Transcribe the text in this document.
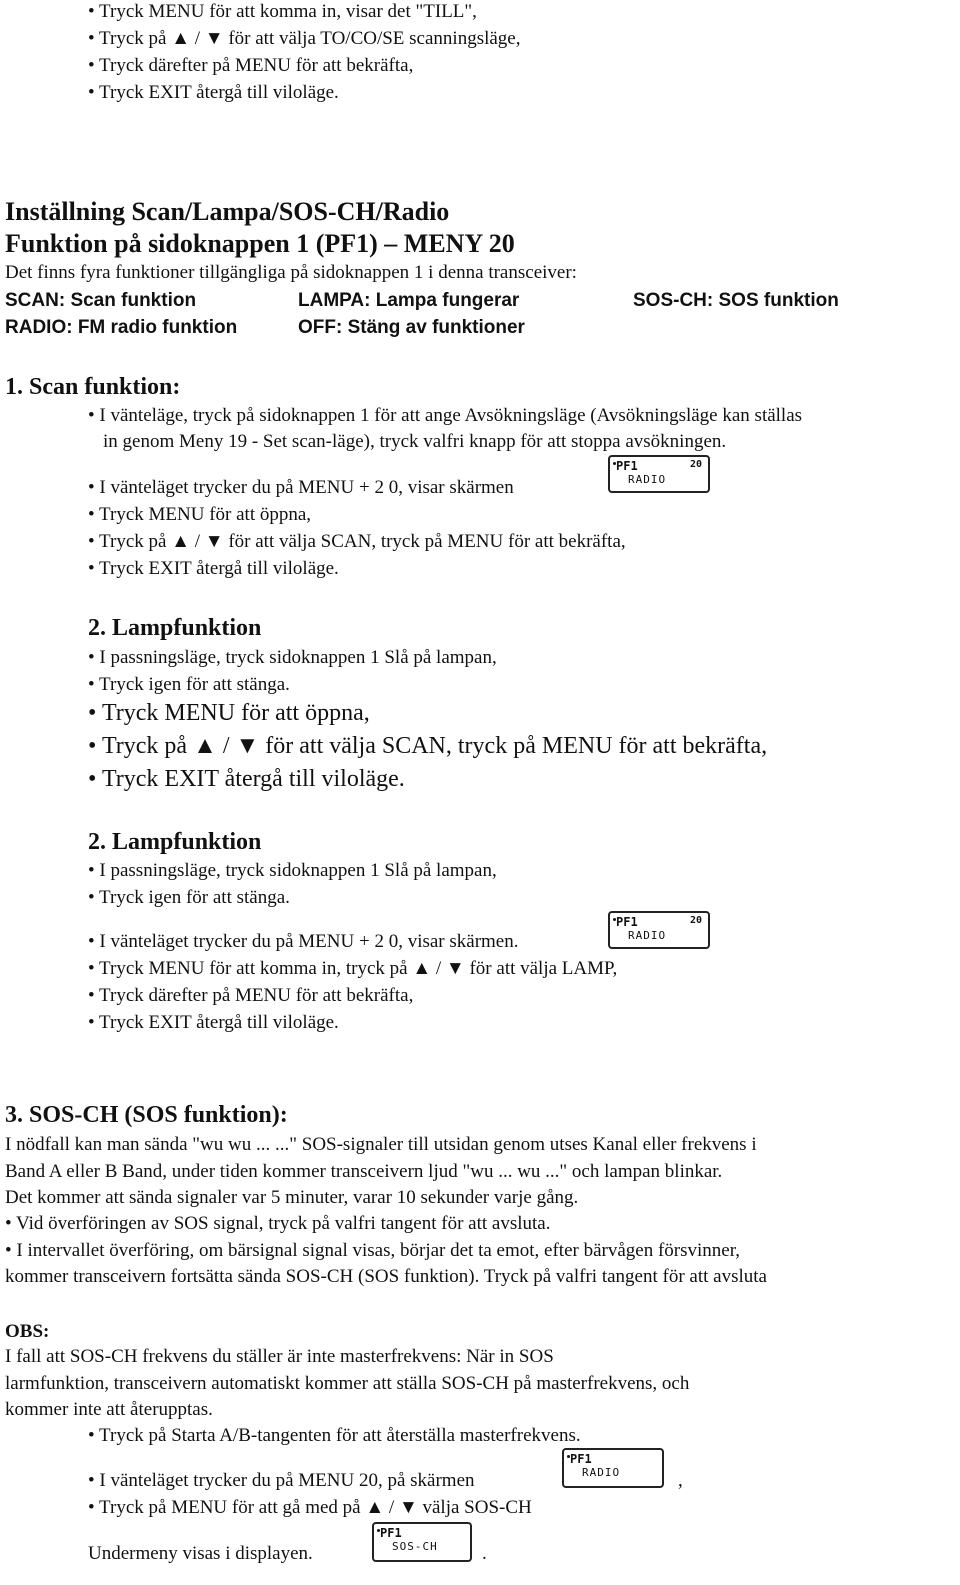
• Tryck MENU för att komma in, visar det "TILL",
• Tryck på ▲ / ▼ för att välja TO/CO/SE scanningsläge,
• Tryck därefter på MENU för att bekräfta,
• Tryck EXIT återgå till viloläge.
Inställning Scan/Lampa/SOS-CH/Radio
Funktion på sidoknappen 1 (PF1) – MENY 20
Det finns fyra funktioner tillgängliga på sidoknappen 1 i denna transceiver:
SCAN: Scan funktion	LAMPA: Lampa fungerar	SOS-CH: SOS funktion
RADIO: FM radio funktion	OFF: Stäng av funktioner
1. Scan funktion:
• I vänteläge, tryck på sidoknappen 1 för att ange Avsökningsläge (Avsökningsläge kan ställas
in genom Meny 19 - Set scan-läge), tryck valfri knapp för att stoppa avsökningen.
• I vänteläget trycker du på MENU + 2 0, visar skärmen
PF1	20
RADIO
• Tryck MENU för att öppna,
• Tryck på ▲ / ▼ för att välja SCAN, tryck på MENU för att bekräfta,
• Tryck EXIT återgå till viloläge.
2. Lampfunktion
• I passningsläge, tryck sidoknappen 1 Slå på lampan,
• Tryck igen för att stänga.
• Tryck MENU för att öppna,
• Tryck på ▲ / ▼ för att välja SCAN, tryck på MENU för att bekräfta,
• Tryck EXIT återgå till viloläge.
2. Lampfunktion
• I passningsläge, tryck sidoknappen 1 Slå på lampan,
• Tryck igen för att stänga.
• I vänteläget trycker du på MENU + 2 0, visar skärmen.
PF1	20
RADIO
• Tryck MENU för att komma in, tryck på ▲ / ▼ för att välja LAMP,
• Tryck därefter på MENU för att bekräfta,
• Tryck EXIT återgå till viloläge.
3. SOS-CH (SOS funktion):
I nödfall kan man sända "wu wu ... ..." SOS-signaler till utsidan genom utses Kanal eller frekvens i
Band A eller B Band, under tiden kommer transceivern ljud "wu ... wu ..." och lampan blinkar.
Det kommer att sända signaler var 5 minuter, varar 10 sekunder varje gång.
• Vid överföringen av SOS signal, tryck på valfri tangent för att avsluta.
• I intervallet överföring, om bärsignal signal visas, börjar det ta emot, efter bärvågen försvinner,
kommer transceivern fortsätta sända SOS-CH (SOS funktion). Tryck på valfri tangent för att avsluta
OBS:
I fall att SOS-CH frekvens du ställer är inte masterfrekvens: När in SOS
larmfunktion, transceivern automatiskt kommer att ställa SOS-CH på masterfrekvens, och
kommer inte att återupptas.
• Tryck på Starta A/B-tangenten för att återställa masterfrekvens.
• I vänteläget trycker du på MENU 20, på skärmen
PF1
RADIO	,
• Tryck på MENU för att gå med på ▲ / ▼ välja SOS-CH
Undermeny visas i displayen.
PF1
SOS-CH .
